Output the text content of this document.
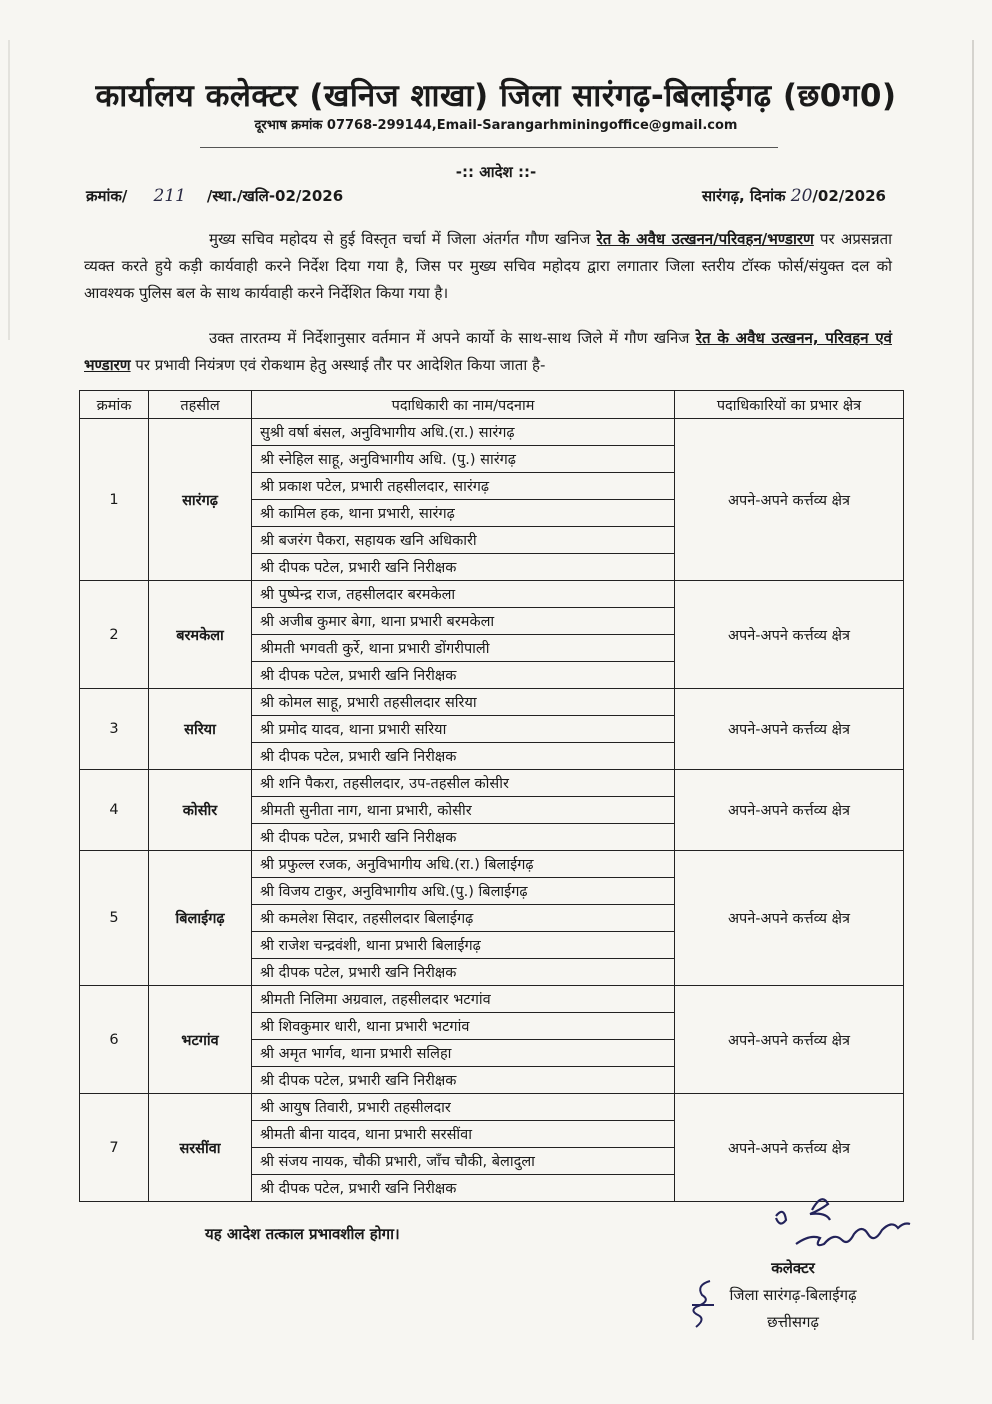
कार्यालय कलेक्टर (खनिज शाखा) जिला सारंगढ़-बिलाईगढ़ (छ0ग0)
दूरभाष क्रमांक 07768-299144,Email-Sarangarhminingoffice@gmail.com
-:: आदेश ::-
क्रमांक/ 211 /स्था./खलि-02/2026	सारंगढ़, दिनांक 20/02/2026
मुख्य सचिव महोदय से हुई विस्तृत चर्चा में जिला अंतर्गत गौण खनिज रेत के अवैध उत्खनन/परिवहन/भण्डारण पर अप्रसन्नता व्यक्त करते हुये कड़ी कार्यवाही करने निर्देश दिया गया है, जिस पर मुख्य सचिव महोदय द्वारा लगातार जिला स्तरीय टॉस्क फोर्स/संयुक्त दल को आवश्यक पुलिस बल के साथ कार्यवाही करने निर्देशित किया गया है।
उक्त तारतम्य में निर्देशानुसार वर्तमान में अपने कार्यो के साथ-साथ जिले में गौण खनिज रेत के अवैध उत्खनन, परिवहन एवं भण्डारण पर प्रभावी नियंत्रण एवं रोकथाम हेतु अस्थाई तौर पर आदेशित किया जाता है-
क्रमांक	तहसील	पदाधिकारी का नाम/पदनाम	पदाधिकारियों का प्रभार क्षेत्र
1	सारंगढ़	सुश्री वर्षा बंसल, अनुविभागीय अधि.(रा.) सारंगढ़	अपने-अपने कर्त्तव्य क्षेत्र
		श्री स्नेहिल साहू, अनुविभागीय अधि. (पु.) सारंगढ़	
		श्री प्रकाश पटेल, प्रभारी तहसीलदार, सारंगढ़	
		श्री कामिल हक, थाना प्रभारी, सारंगढ़	
		श्री बजरंग पैकरा, सहायक खनि अधिकारी	
		श्री दीपक पटेल, प्रभारी खनि निरीक्षक	
2	बरमकेला	श्री पुष्पेन्द्र राज, तहसीलदार बरमकेला	अपने-अपने कर्त्तव्य क्षेत्र
		श्री अजीब कुमार बेगा, थाना प्रभारी बरमकेला	
		श्रीमती भगवती कुर्रे, थाना प्रभारी डोंगरीपाली	
		श्री दीपक पटेल, प्रभारी खनि निरीक्षक	
3	सरिया	श्री कोमल साहू, प्रभारी तहसीलदार सरिया	अपने-अपने कर्त्तव्य क्षेत्र
		श्री प्रमोद यादव, थाना प्रभारी सरिया	
		श्री दीपक पटेल, प्रभारी खनि निरीक्षक	
4	कोसीर	श्री शनि पैकरा, तहसीलदार, उप-तहसील कोसीर	अपने-अपने कर्त्तव्य क्षेत्र
		श्रीमती सुनीता नाग, थाना प्रभारी, कोसीर	
		श्री दीपक पटेल, प्रभारी खनि निरीक्षक	
5	बिलाईगढ़	श्री प्रफुल्ल रजक, अनुविभागीय अधि.(रा.) बिलाईगढ़	अपने-अपने कर्त्तव्य क्षेत्र
		श्री विजय टाकुर, अनुविभागीय अधि.(पु.) बिलाईगढ़	
		श्री कमलेश सिदार, तहसीलदार बिलाईगढ़	
		श्री राजेश चन्द्रवंशी, थाना प्रभारी बिलाईगढ़	
		श्री दीपक पटेल, प्रभारी खनि निरीक्षक	
6	भटगांव	श्रीमती निलिमा अग्रवाल, तहसीलदार भटगांव	अपने-अपने कर्त्तव्य क्षेत्र
		श्री शिवकुमार धारी, थाना प्रभारी भटगांव	
		श्री अमृत भार्गव, थाना प्रभारी सलिहा	
		श्री दीपक पटेल, प्रभारी खनि निरीक्षक	
7	सरसींवा	श्री आयुष तिवारी, प्रभारी तहसीलदार	अपने-अपने कर्त्तव्य क्षेत्र
		श्रीमती बीना यादव, थाना प्रभारी सरसींवा	
		श्री संजय नायक, चौकी प्रभारी, जाँच चौकी, बेलादुला	
		श्री दीपक पटेल, प्रभारी खनि निरीक्षक	
यह आदेश तत्काल प्रभावशील होगा।
कलेक्टर
जिला सारंगढ़-बिलाईगढ़
छत्तीसगढ़
